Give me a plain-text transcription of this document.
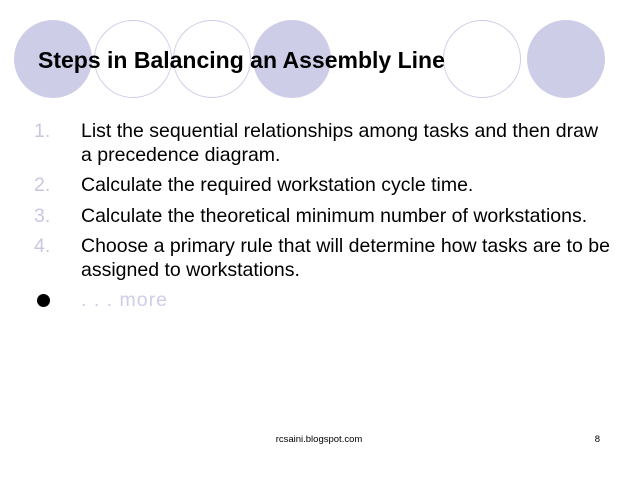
Steps in Balancing an Assembly Line
1. List the sequential relationships among tasks and then draw a precedence diagram.
2. Calculate the required workstation cycle time.
3. Calculate the theoretical minimum number of workstations.
4. Choose a primary rule that will determine how tasks are to be assigned to workstations.
. . . more
rcsaini.blogspot.com	8
